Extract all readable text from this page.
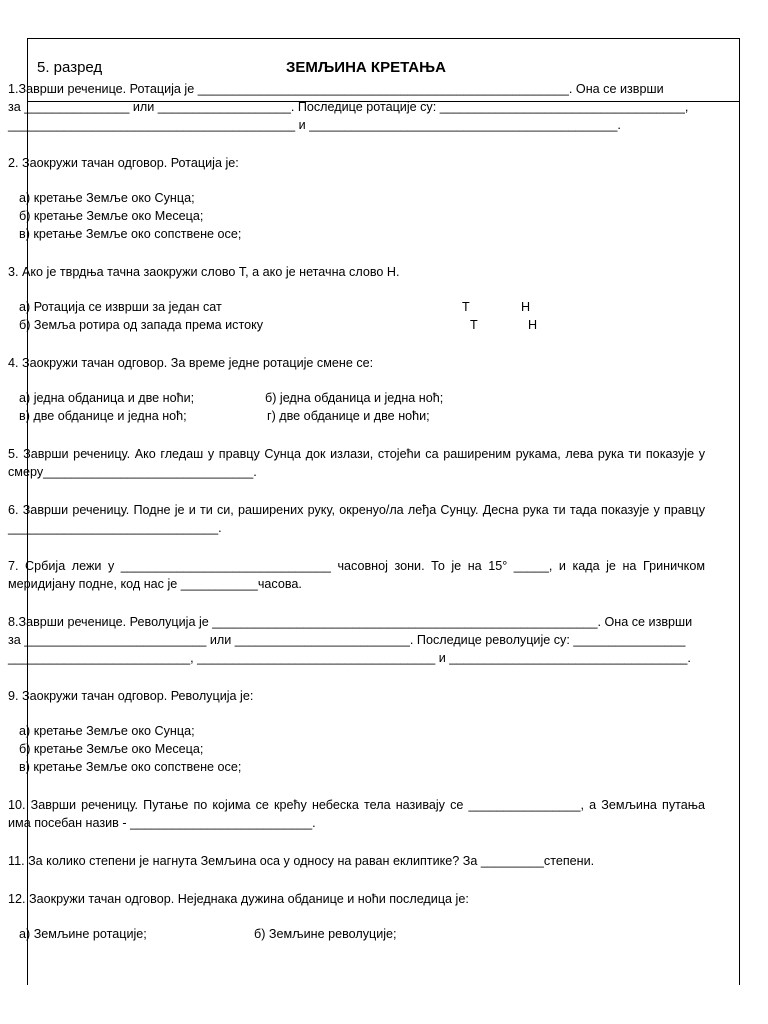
5. разред	ЗЕМЉИНА КРЕТАЊА

1.Заврши реченице. Ротација је _____________________________________________________. Она се изврши

за _______________ или ___________________. Последице ротације су: ___________________________________,

_________________________________________ и ____________________________________________.

2. Заокружи тачан одговор. Ротација је:

а) кретање Земље око Сунца;

б) кретање Земље око Месеца;

в) кретање Земље око сопствене осе;

3. Ако је тврдња тачна заокружи слово Т, а ако је нетачна слово Н.

а) Ротација се изврши за један сат	Т	Н
б) Земља ротира од запада према истоку	Т	Н

4. Заокружи тачан одговор. За време једне ротације смене се:

а) једна обданица и две ноћи;	б) једна обданица и једна ноћ;
в) две обданице и једна ноћ;	г) две обданице и две ноћи;

5. Заврши реченицу. Ако гледаш у правцу Сунца док излази, стојећи са раширеним рукама, лева рука ти показује у смеру______________________________.

6. Заврши реченицу. Подне је и ти си, раширених руку, окренуо/ла леђа Сунцу. Десна рука ти тада показује у правцу ______________________________.

7. Србија лежи у ______________________________ часовној зони. То је на 15° _____, и када је на Гриничком меридијану подне, код нас је ___________часова.

8.Заврши реченице. Револуција је _______________________________________________________. Она се изврши

за __________________________ или _________________________. Последице револуције су: ________________

__________________________, __________________________________ и __________________________________.

9. Заокружи тачан одговор. Револуција је:

а) кретање Земље око Сунца;

б) кретање Земље око Месеца;

в) кретање Земље око сопствене осе;

10. Заврши реченицу. Путање по којима се крећу небеска тела називају се ________________, а Земљина путања има посебан назив - __________________________.

11. За колико степени је нагнута Земљина оса у односу на раван еклиптике? За _________степени.

12. Заокружи тачан одговор. Неједнака дужина обданице и ноћи последица је:

а) Земљине ротације;	б) Земљине револуције;
